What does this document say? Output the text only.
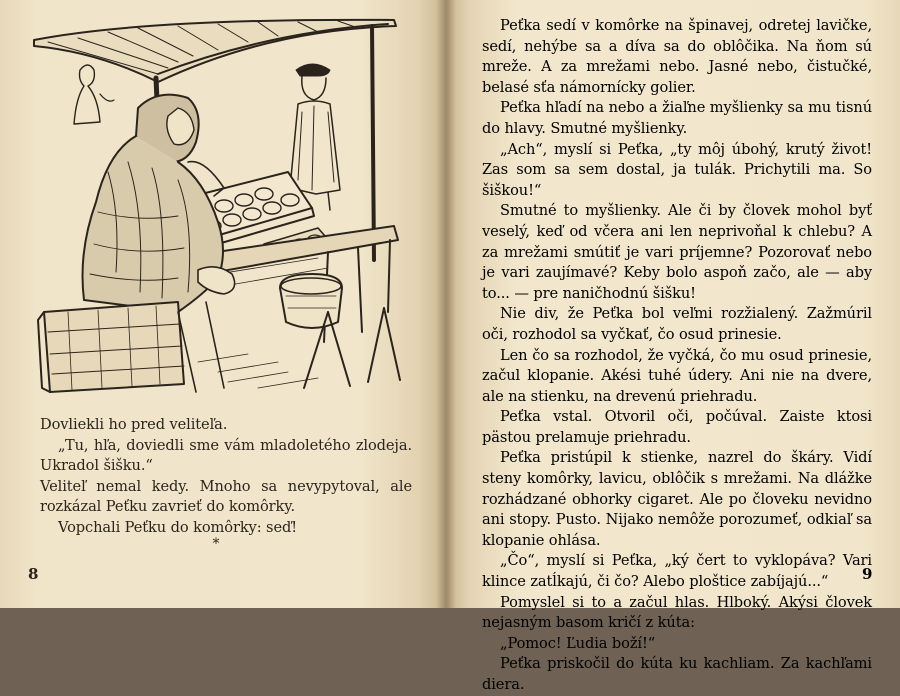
Dovliekli ho pred veliteľa.

„Tu, hľa, doviedli sme vám mladoletého zlodeja. Ukradol šišku.“

Veliteľ nemal kedy. Mnoho sa nevypytoval, ale rozkázal Peťku zavrieť do komôrky.

Vopchali Peťku do komôrky: seď!

*
8

Peťka sedí v komôrke na špinavej, odretej lavičke, sedí, nehýbe sa a díva sa do oblôčika. Na ňom sú mreže. A za mrežami nebo. Jasné nebo, čistučké, belasé sťa námornícky golier.

Peťka hľadí na nebo a žiaľne myšlienky sa mu tisnú do hlavy. Smutné myšlienky.

„Ach“, myslí si Peťka, „ty môj úbohý, krutý život! Zas som sa sem dostal, ja tulák. Prichytili ma. So šiškou!“

Smutné to myšlienky. Ale či by človek mohol byť veselý, keď od včera ani len neprivoňal k chlebu? A za mrežami smútiť je vari príjemne? Pozorovať nebo je vari zaujímavé? Keby bolo aspoň začo, ale — aby to... — pre naničhodnú šišku!

Nie div, že Peťka bol veľmi rozžialený. Zažmúril oči, rozhodol sa vyčkať, čo osud prinesie.

Len čo sa rozhodol, že vyčká, čo mu osud prinesie, začul klopanie. Akési tuhé údery. Ani nie na dvere, ale na stienku, na drevenú priehradu.

Peťka vstal. Otvoril oči, počúval. Zaiste ktosi pästou prelamuje priehradu.

Peťka pristúpil k stienke, nazrel do škáry. Vidí steny komôrky, lavicu, oblôčik s mrežami. Na dlážke rozhádzané obhorky cigaret. Ale po človeku nevidno ani stopy. Pusto. Nijako nemôže porozumeť, odkiaľ sa klopanie ohlása.

„Čo“, myslí si Peťka, „ký čert to vyklopáva? Vari klince zatĺkajú, či čo? Alebo ploštice zabíjajú...“

Pomyslel si to a začul hlas. Hlboký. Akýsi človek nejasným basom kričí z kúta:

„Pomoc! Ľudia boží!“

Peťka priskočil do kúta ku kachliam. Za kachľami diera.

9
